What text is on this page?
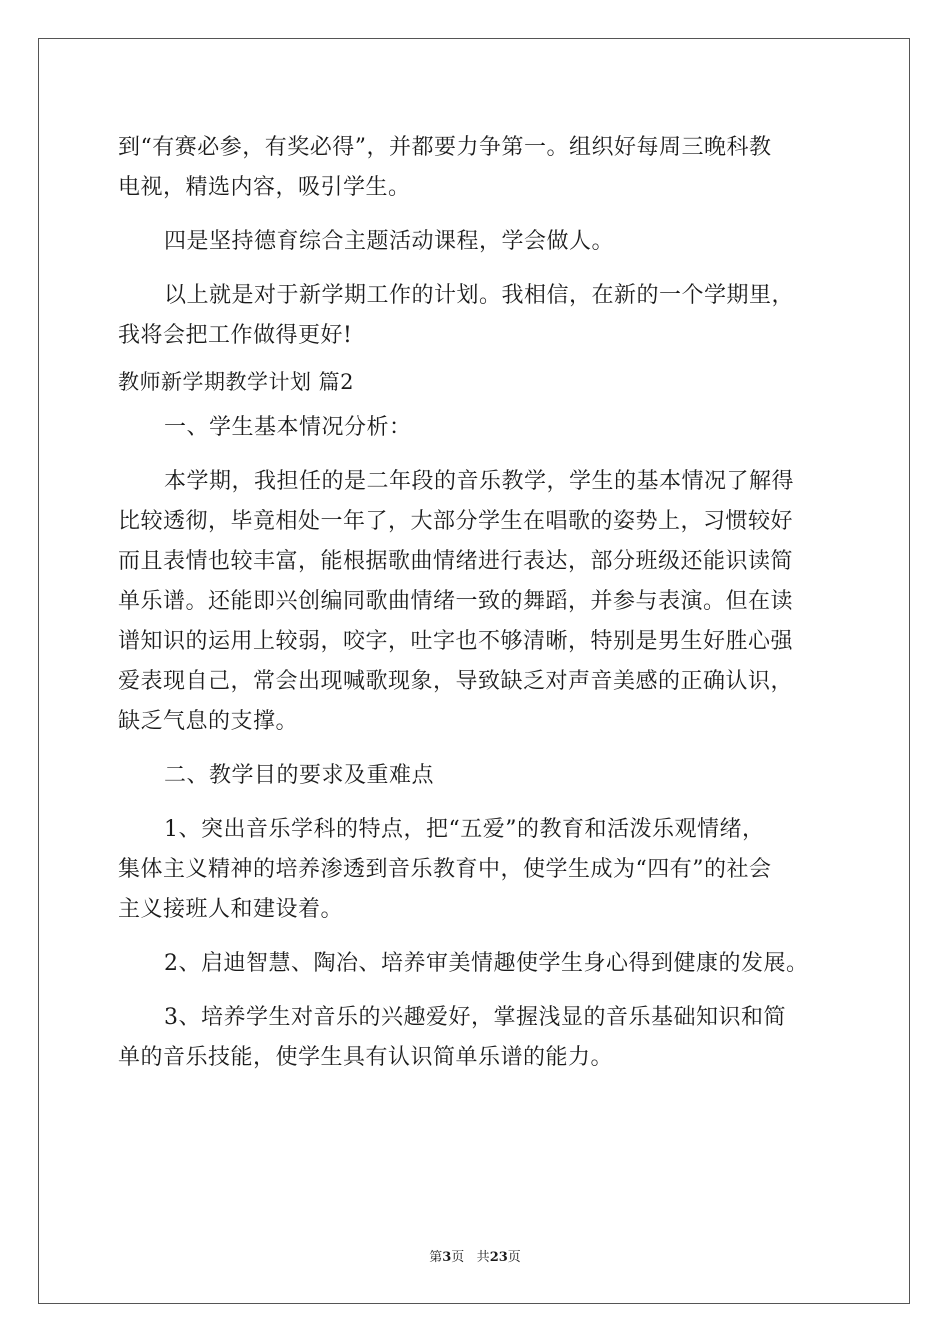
到“有赛必参，有奖必得”，并都要力争第一。组织好每周三晚科教
电视，精选内容，吸引学生。
四是坚持德育综合主题活动课程，学会做人。
以上就是对于新学期工作的计划。我相信，在新的一个学期里，
我将会把工作做得更好!
教师新学期教学计划 篇2
一、学生基本情况分析：
本学期，我担任的是二年段的音乐教学，学生的基本情况了解得
比较透彻，毕竟相处一年了，大部分学生在唱歌的姿势上，习惯较好
而且表情也较丰富，能根据歌曲情绪进行表达，部分班级还能识读简
单乐谱。还能即兴创编同歌曲情绪一致的舞蹈，并参与表演。但在读
谱知识的运用上较弱，咬字，吐字也不够清晰，特别是男生好胜心强
爱表现自己，常会出现喊歌现象，导致缺乏对声音美感的正确认识，
缺乏气息的支撑。
二、教学目的要求及重难点
1、突出音乐学科的特点，把“五爱”的教育和活泼乐观情绪，
集体主义精神的培养渗透到音乐教育中，使学生成为“四有”的社会
主义接班人和建设着。
2、启迪智慧、陶冶、培养审美情趣使学生身心得到健康的发展。
3、培养学生对音乐的兴趣爱好，掌握浅显的音乐基础知识和简
单的音乐技能，使学生具有认识简单乐谱的能力。
第3页 共23页
